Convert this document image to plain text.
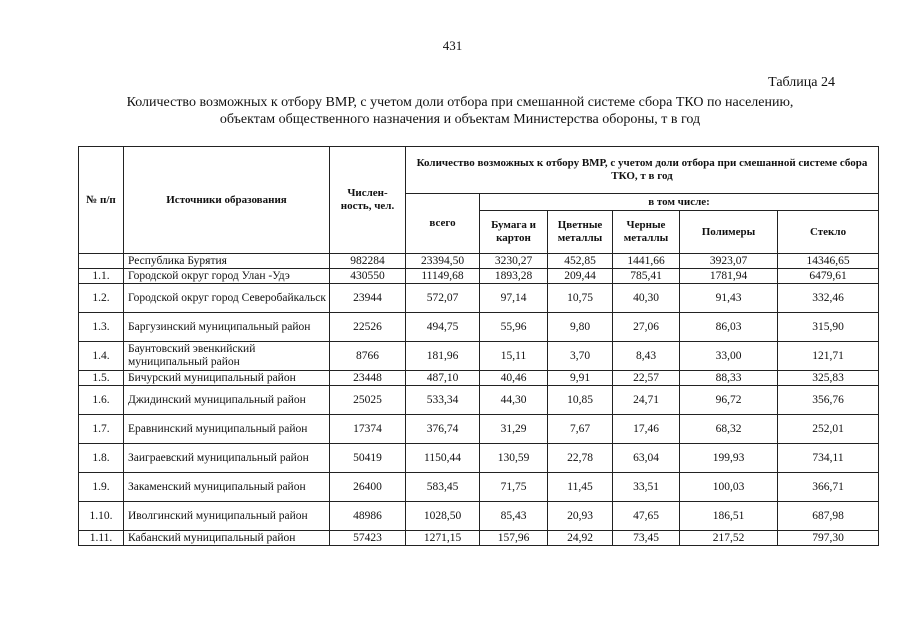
431
Таблица 24
Количество возможных к отбору ВМР, с учетом доли отбора при смешанной системе сбора ТКО по населению,
объектам общественного назначения и объектам Министерства обороны, т в год
№ п/п	Источники образования	Числен-ность, чел.	Количество возможных к отбору ВМР, с учетом доли отбора при смешанной системе сбора ТКО, т в год					
			всего	в том числе:				
				Бумага и картон	Цветные металлы	Черные металлы	Полимеры	Стекло
	Республика Бурятия	982284	23394,50	3230,27	452,85	1441,66	3923,07	14346,65
1.1.	Городской округ город Улан -Удэ	430550	11149,68	1893,28	209,44	785,41	1781,94	6479,61
1.2.	Городской округ город Северобайкальск	23944	572,07	97,14	10,75	40,30	91,43	332,46
1.3.	Баргузинский муниципальный район	22526	494,75	55,96	9,80	27,06	86,03	315,90
1.4.	Баунтовский эвенкийский муниципальный район	8766	181,96	15,11	3,70	8,43	33,00	121,71
1.5.	Бичурский муниципальный район	23448	487,10	40,46	9,91	22,57	88,33	325,83
1.6.	Джидинский муниципальный район	25025	533,34	44,30	10,85	24,71	96,72	356,76
1.7.	Еравнинский муниципальный район	17374	376,74	31,29	7,67	17,46	68,32	252,01
1.8.	Заиграевский муниципальный район	50419	1150,44	130,59	22,78	63,04	199,93	734,11
1.9.	Закаменский муниципальный район	26400	583,45	71,75	11,45	33,51	100,03	366,71
1.10.	Иволгинский муниципальный район	48986	1028,50	85,43	20,93	47,65	186,51	687,98
1.11.	Кабанский муниципальный район	57423	1271,15	157,96	24,92	73,45	217,52	797,30
